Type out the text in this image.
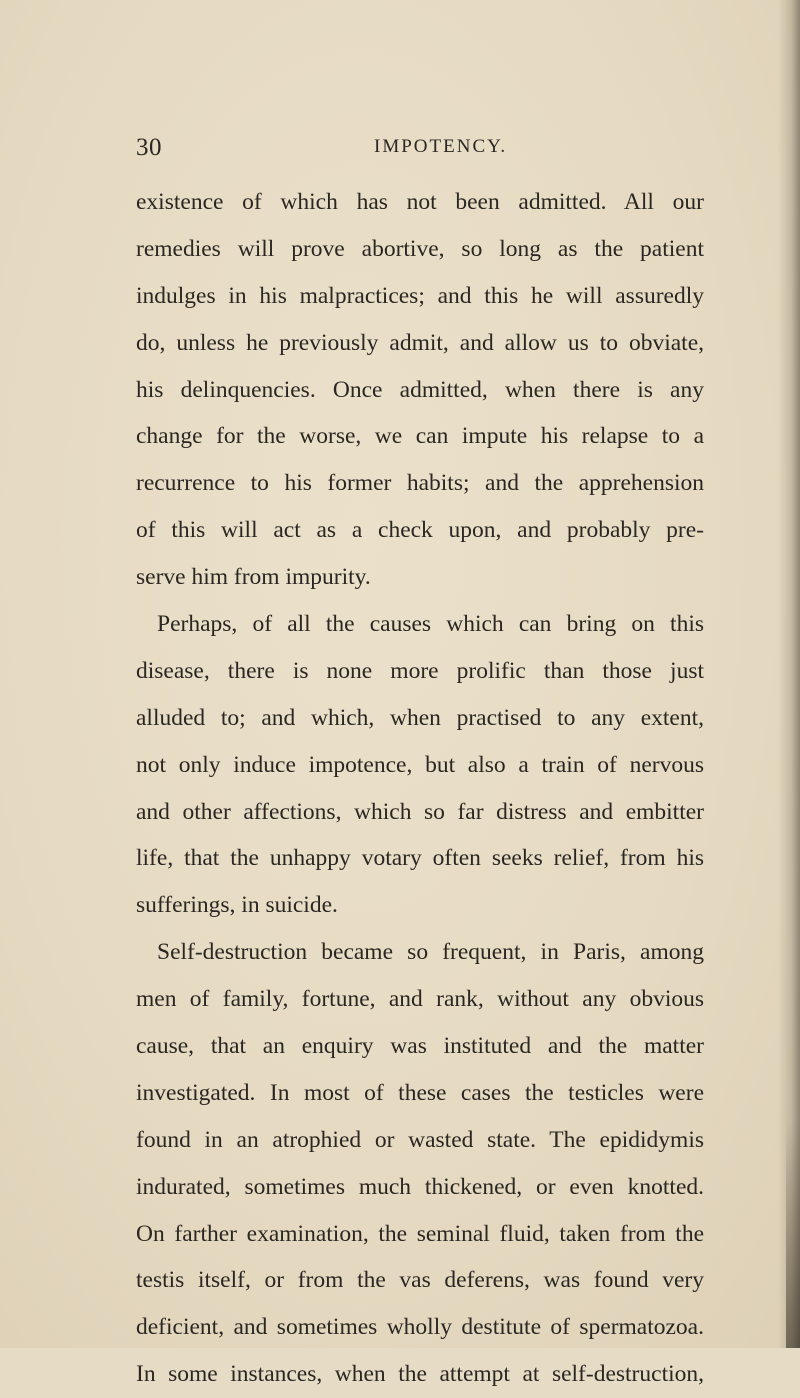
30	IMPOTENCY.
existence of which has not been admitted. All our
remedies will prove abortive, so long as the patient
indulges in his malpractices; and this he will assuredly
do, unless he previously admit, and allow us to obviate,
his delinquencies. Once admitted, when there is any
change for the worse, we can impute his relapse to a
recurrence to his former habits; and the apprehension
of this will act as a check upon, and probably pre-
serve him from impurity.
Perhaps, of all the causes which can bring on this
disease, there is none more prolific than those just
alluded to; and which, when practised to any extent,
not only induce impotence, but also a train of nervous
and other affections, which so far distress and embitter
life, that the unhappy votary often seeks relief, from his
sufferings, in suicide.
Self-destruction became so frequent, in Paris, among
men of family, fortune, and rank, without any obvious
cause, that an enquiry was instituted and the matter
investigated. In most of these cases the testicles were
found in an atrophied or wasted state. The epididymis
indurated, sometimes much thickened, or even knotted.
On farther examination, the seminal fluid, taken from the
testis itself, or from the vas deferens, was found very
deficient, and sometimes wholly destitute of spermatozoa.
In some instances, when the attempt at self-destruction,
